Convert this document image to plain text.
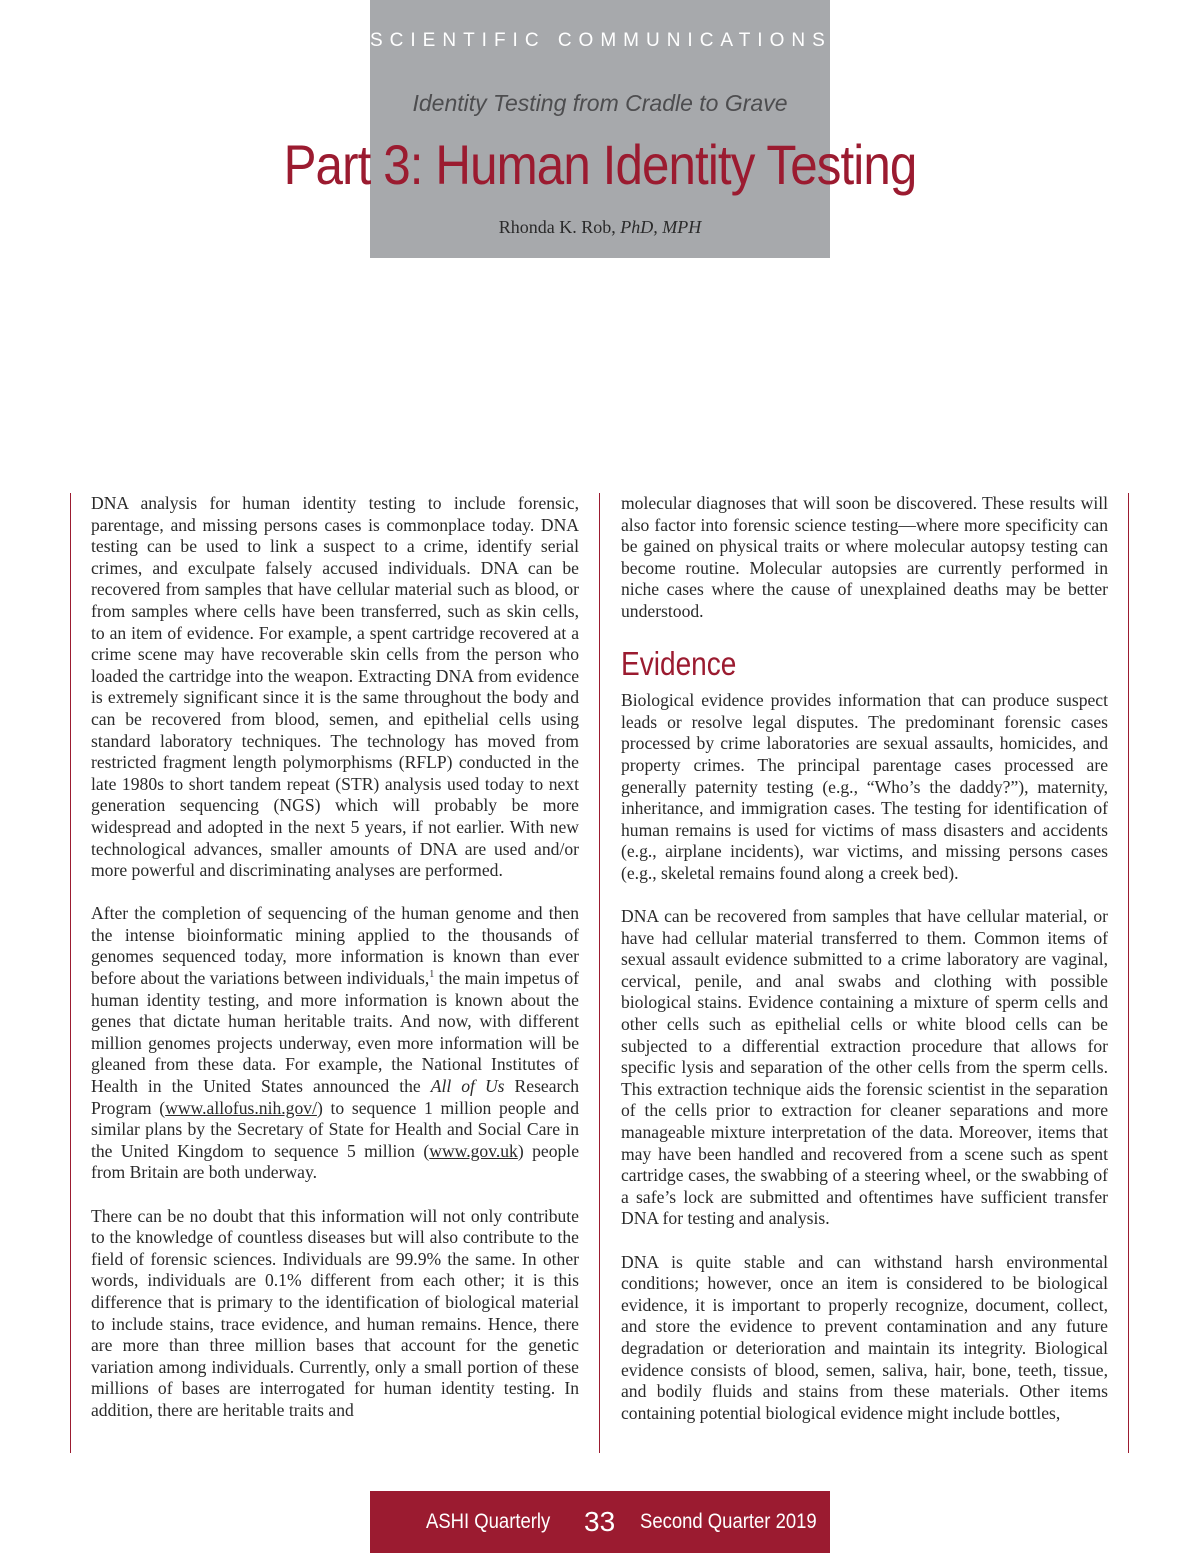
SCIENTIFIC COMMUNICATIONS
Identity Testing from Cradle to Grave
Part 3: Human Identity Testing
Rhonda K. Rob, PhD, MPH

DNA analysis for human identity testing to include forensic, parentage, and missing persons cases is commonplace today. DNA testing can be used to link a suspect to a crime, identify serial crimes, and exculpate falsely accused individuals. DNA can be recovered from samples that have cellular material such as blood, or from samples where cells have been transferred, such as skin cells, to an item of evidence. For example, a spent cartridge recovered at a crime scene may have recoverable skin cells from the person who loaded the cartridge into the weapon. Extracting DNA from evidence is extremely significant since it is the same throughout the body and can be recovered from blood, semen, and epithelial cells using standard laboratory techniques. The technology has moved from restricted fragment length polymorphisms (RFLP) conducted in the late 1980s to short tandem repeat (STR) analysis used today to next generation sequencing (NGS) which will probably be more widespread and adopted in the next 5 years, if not earlier. With new technological advances, smaller amounts of DNA are used and/or more powerful and discriminating analyses are performed.

After the completion of sequencing of the human genome and then the intense bioinformatic mining applied to the thousands of genomes sequenced today, more information is known than ever before about the variations between individuals,$^1$ the main impetus of human identity testing, and more information is known about the genes that dictate human heritable traits. And now, with different million genomes projects underway, even more information will be gleaned from these data. For example, the National Institutes of Health in the United States announced the All of Us Research Program (www.allofus.nih.gov/) to sequence 1 million people and similar plans by the Secretary of State for Health and Social Care in the United Kingdom to sequence 5 million (www.gov.uk) people from Britain are both underway.

There can be no doubt that this information will not only contribute to the knowledge of countless diseases but will also contribute to the field of forensic sciences. Individuals are 99.9% the same. In other words, individuals are 0.1% different from each other; it is this difference that is primary to the identification of biological material to include stains, trace evidence, and human remains. Hence, there are more than three million bases that account for the genetic variation among individuals. Currently, only a small portion of these millions of bases are interrogated for human identity testing. In addition, there are heritable traits and

molecular diagnoses that will soon be discovered. These results will also factor into forensic science testing—where more specificity can be gained on physical traits or where molecular autopsy testing can become routine. Molecular autopsies are currently performed in niche cases where the cause of unexplained deaths may be better understood.

Evidence

Biological evidence provides information that can produce suspect leads or resolve legal disputes. The predominant forensic cases processed by crime laboratories are sexual assaults, homicides, and property crimes. The principal parentage cases processed are generally paternity testing (e.g., “Who’s the daddy?”), maternity, inheritance, and immigration cases. The testing for identification of human remains is used for victims of mass disasters and accidents (e.g., airplane incidents), war victims, and missing persons cases (e.g., skeletal remains found along a creek bed).

DNA can be recovered from samples that have cellular material, or have had cellular material transferred to them. Common items of sexual assault evidence submitted to a crime laboratory are vaginal, cervical, penile, and anal swabs and clothing with possible biological stains. Evidence containing a mixture of sperm cells and other cells such as epithelial cells or white blood cells can be subjected to a differential extraction procedure that allows for specific lysis and separation of the other cells from the sperm cells. This extraction technique aids the forensic scientist in the separation of the cells prior to extraction for cleaner separations and more manageable mixture interpretation of the data. Moreover, items that may have been handled and recovered from a scene such as spent cartridge cases, the swabbing of a steering wheel, or the swabbing of a safe’s lock are submitted and oftentimes have sufficient transfer DNA for testing and analysis.

DNA is quite stable and can withstand harsh environmental conditions; however, once an item is considered to be biological evidence, it is important to properly recognize, document, collect, and store the evidence to prevent contamination and any future degradation or deterioration and maintain its integrity. Biological evidence consists of blood, semen, saliva, hair, bone, teeth, tissue, and bodily fluids and stains from these materials. Other items containing potential biological evidence might include bottles,

ASHI Quarterly 33 Second Quarter 2019
